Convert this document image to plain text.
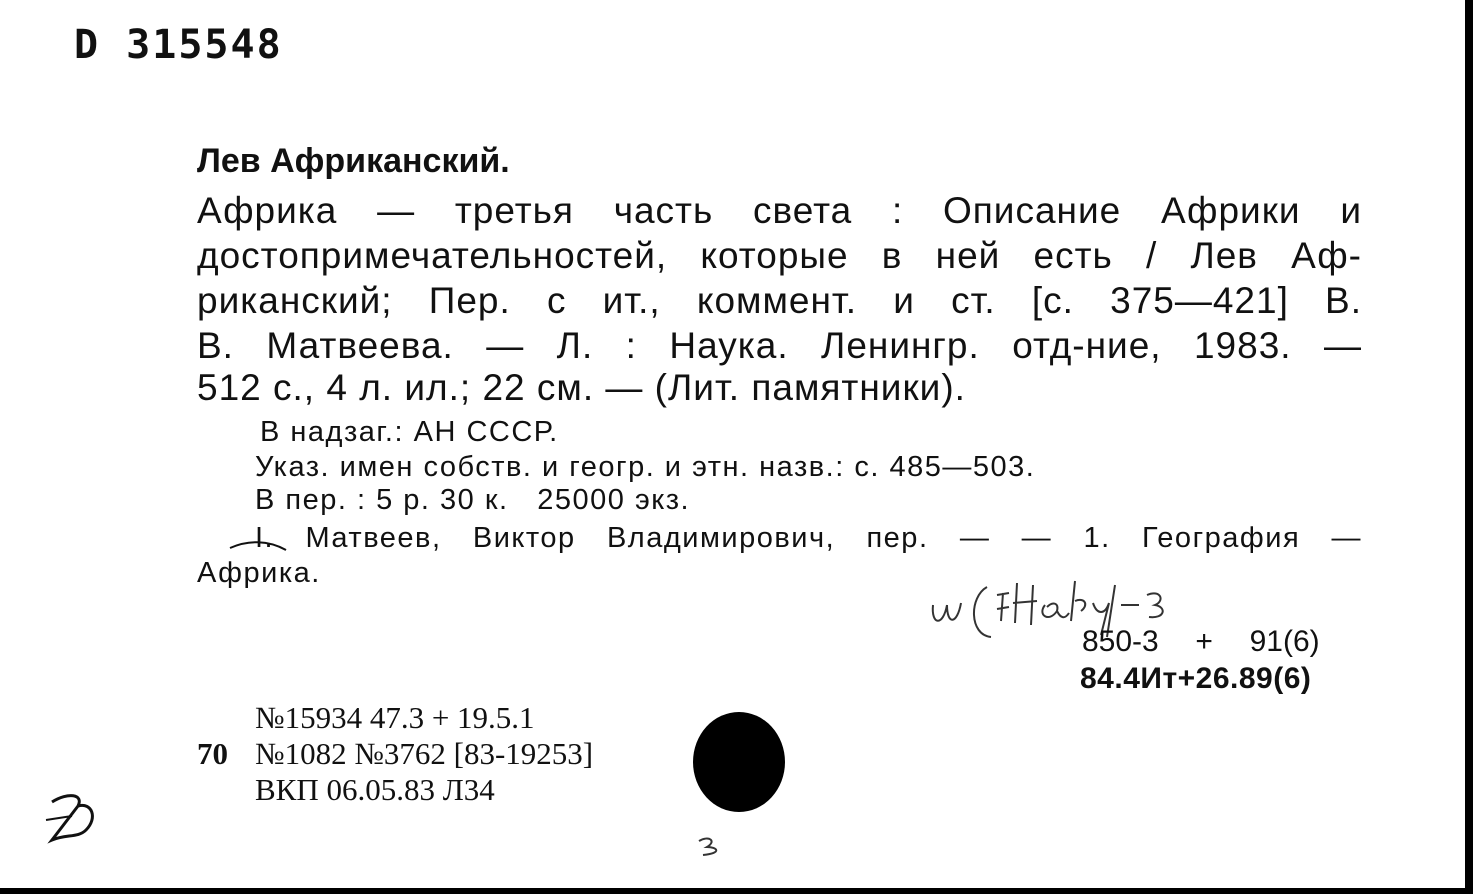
D 315548
Лев Африканский.
Африка — третья часть света : Описание Африки и
достопримечательностей, которые в ней есть / Лев Аф-
риканский; Пер. с ит., коммент. и ст. [с. 375—421] В.
В. Матвеева. — Л. : Наука. Ленингр. отд-ние, 1983. —
512 с., 4 л. ил.; 22 см. — (Лит. памятники).
В надзаг.: АН СССР.
Указ. имен собств. и геогр. и этн. назв.: с. 485—503.
В пер. : 5 р. 30 к.   25000 экз.
I. Матвеев, Виктор Владимирович, пер. — — 1. География —
Африка.
850-3  +  91(6)
84.4Ит+26.89(6)
№15934 47.3 + 19.5.1
70 №1082 №3762 [83-19253]
ВКП 06.05.83 Л34
